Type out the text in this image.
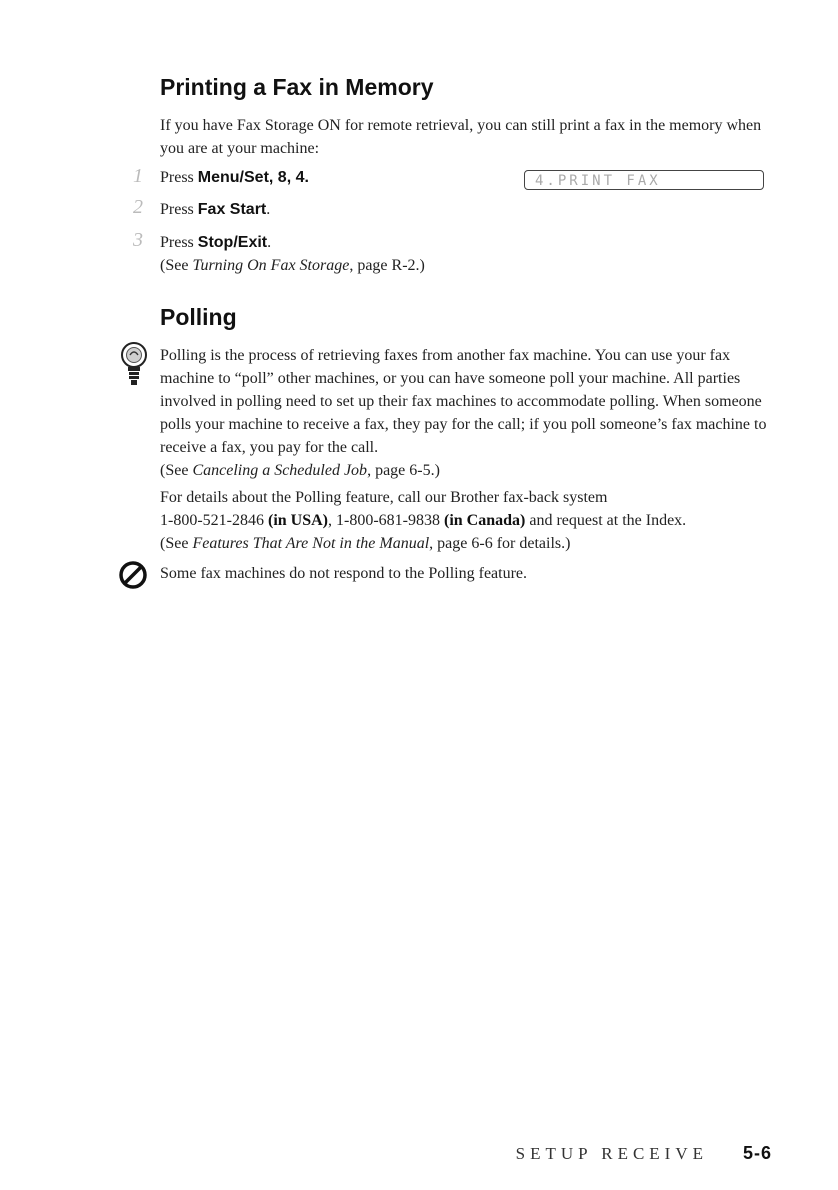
Printing a Fax in Memory

If you have Fax Storage ON for remote retrieval, you can still print a fax in the memory when you are at your machine:

1	Press Menu/Set, 8, 4.	4.PRINT FAX
2	Press Fax Start.
3	Press Stop/Exit.
(See Turning On Fax Storage, page R-2.)
Polling

Polling is the process of retrieving faxes from another fax machine. You can use your fax machine to “poll” other machines, or you can have someone poll your machine. All parties involved in polling need to set up their fax machines to accommodate polling. When someone polls your machine to receive a fax, they pay for the call; if you poll someone’s fax machine to receive a fax, you pay for the call.

(See Canceling a Scheduled Job, page 6-5.)
For details about the Polling feature, call our Brother fax-back system
1-800-521-2846 (in USA), 1-800-681-9838 (in Canada) and request at the Index.
(See Features That Are Not in the Manual, page 6-6 for details.)
Some fax machines do not respond to the Polling feature.
SETUP RECEIVE 5-6
